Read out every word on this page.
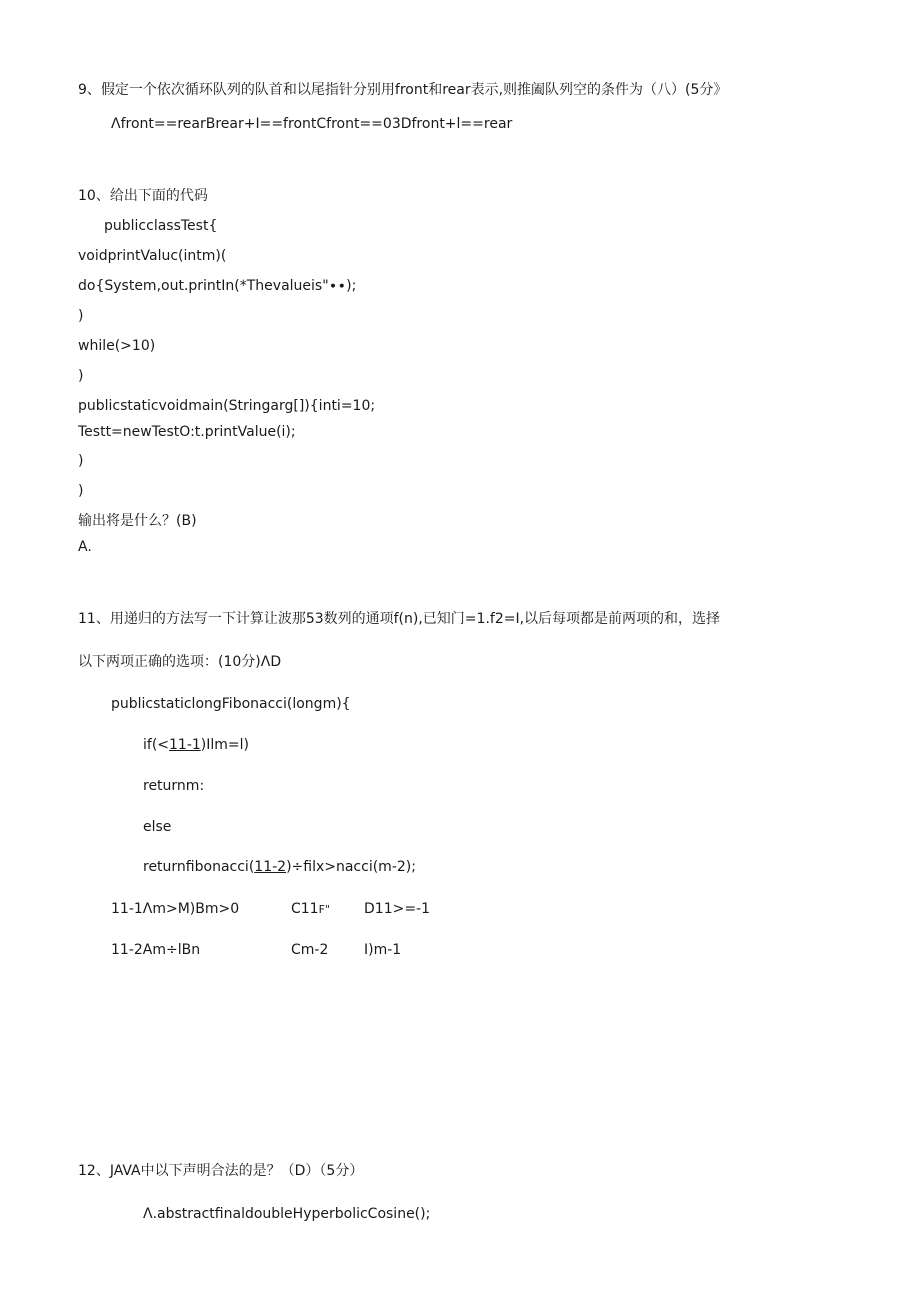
9、假定一个依次循环队列的队首和以尾指针分别用front和rear表示,则推阖队列空的条件为（八）(5分》
Λfront==rearBrear+I==frontCfront==03Dfront+l==rear
10、给出下面的代码
publicclassTest{
voidprintValuc(intm)(
do{System,out.printIn(*Thevalueis"∙∙);
)
while(>10)
)
publicstaticvoidmain(Stringarg[]){inti=10;
Testt=newTestO:t.printValue(i);
)
)
输出将是什么？(B)
A.
11、用递归的方法写一下计算让波那53数列的通项f(n),已知门=1.f2=I,以后每项都是前两项的和，选择
以下两项正确的选项：(10分)ΛD
publicstaticlongFibonacci(longm){
if(<11-1)Ilm=l)
returnm:
else
returnfibonacci(11-2)÷filx>nacci(m-2);
11-1Λm>M)Bm>0	C11F" D11>=-1
11-2Am÷lBn	Cm-2	I)m-1
12、JAVA中以下声明合法的是？（D）（5分）
Λ.abstractfinaldoubleHyperbolicCosine();
